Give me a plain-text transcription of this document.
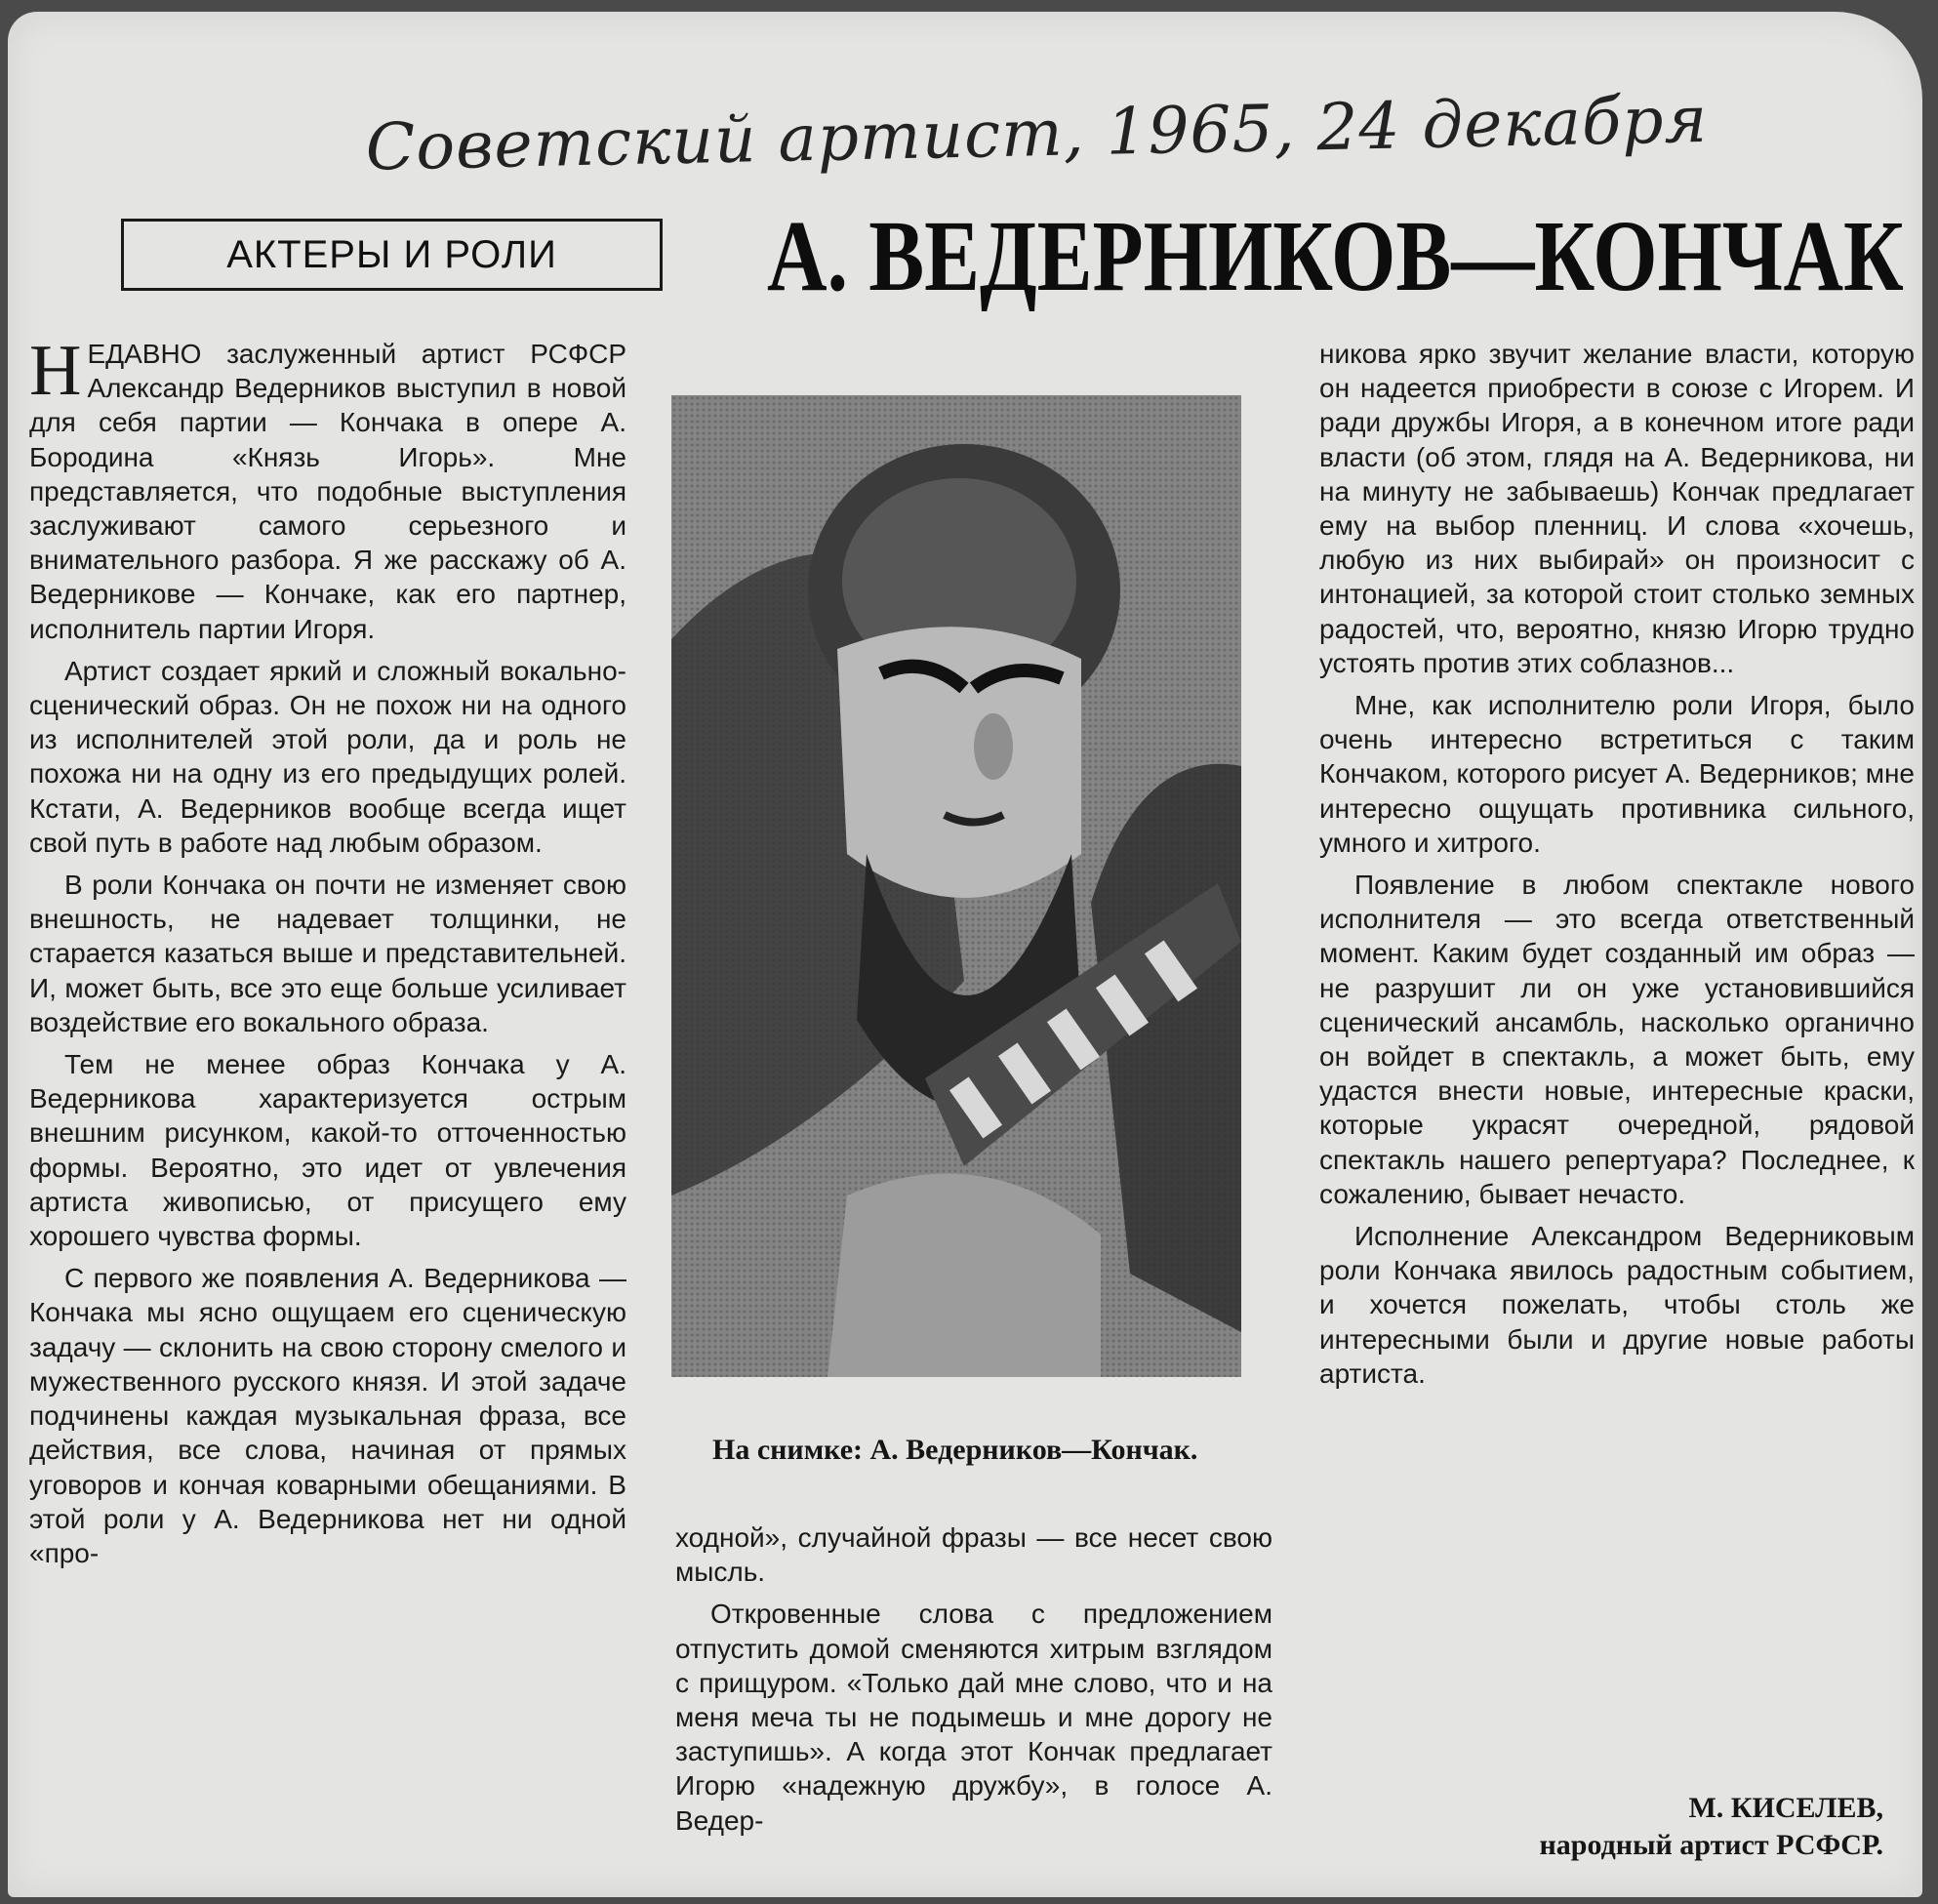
Советский артист, 1965, 24 декабря
АКТЕРЫ И РОЛИ	А. ВЕДЕРНИКОВ—КОНЧАК

НЕДАВНО заслуженный артист РСФСР Александр Ведерников выступил в новой для себя партии — Кончака в опере А. Бородина «Князь Игорь». Мне представляется, что подобные выступления заслуживают самого серьезного и внимательного разбора. Я же расскажу об А. Ведерникове — Кончаке, как его партнер, исполнитель партии Игоря.

Артист создает яркий и сложный вокально-сценический образ. Он не похож ни на одного из исполнителей этой роли, да и роль не похожа ни на одну из его предыдущих ролей. Кстати, А. Ведерников вообще всегда ищет свой путь в работе над любым образом.

В роли Кончака он почти не изменяет свою внешность, не надевает толщинки, не старается казаться выше и представительней. И, может быть, все это еще больше усиливает воздействие его вокального образа.

Тем не менее образ Кончака у А. Ведерникова характеризуется острым внешним рисунком, какой-то отточенностью формы. Вероятно, это идет от увлечения артиста живописью, от присущего ему хорошего чувства формы.

С первого же появления А. Ведерникова — Кончака мы ясно ощущаем его сценическую задачу — склонить на свою сторону смелого и мужественного русского князя. И этой задаче подчинены каждая музыкальная фраза, все действия, все слова, начиная от прямых уговоров и кончая коварными обещаниями. В этой роли у А. Ведерникова нет ни одной «про-

На снимке: А. Ведерников—Кончак.

ходной», случайной фразы — все несет свою мысль.

Откровенные слова с предложением отпустить домой сменяются хитрым взглядом с прищуром. «Только дай мне слово, что и на меня меча ты не подымешь и мне дорогу не заступишь». А когда этот Кончак предлагает Игорю «надежную дружбу», в голосе А. Ведер-

никова ярко звучит желание власти, которую он надеется приобрести в союзе с Игорем. И ради дружбы Игоря, а в конечном итоге ради власти (об этом, глядя на А. Ведерникова, ни на минуту не забываешь) Кончак предлагает ему на выбор пленниц. И слова «хочешь, любую из них выбирай» он произносит с интонацией, за которой стоит столько земных радостей, что, вероятно, князю Игорю трудно устоять против этих соблазнов...

Мне, как исполнителю роли Игоря, было очень интересно встретиться с таким Кончаком, которого рисует А. Ведерников; мне интересно ощущать противника сильного, умного и хитрого.

Появление в любом спектакле нового исполнителя — это всегда ответственный момент. Каким будет созданный им образ — не разрушит ли он уже установившийся сценический ансамбль, насколько органично он войдет в спектакль, а может быть, ему удастся внести новые, интересные краски, которые украсят очередной, рядовой спектакль нашего репертуара? Последнее, к сожалению, бывает нечасто.

Исполнение Александром Ведерниковым роли Кончака явилось радостным событием, и хочется пожелать, чтобы столь же интересными были и другие новые работы артиста.

М. КИСЕЛЕВ,
народный артист РСФСР.
